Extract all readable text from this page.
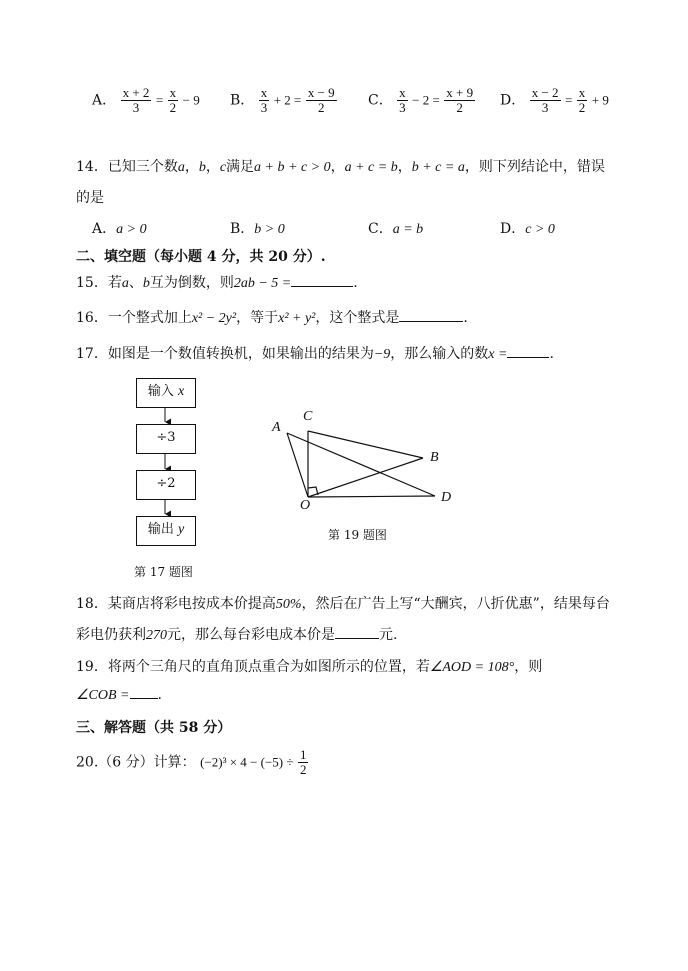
A． $\frac{x + 2}{3} = \frac{x}{2} - 9$ B． $\frac{x}{3} + 2 = \frac{x - 9}{2}$ C． $\frac{x}{3} - 2 = \frac{x + 9}{2}$ D． $\frac{x - 2}{3} = \frac{x}{2} + 9$
14．已知三个数a，b，c满足a + b + c > 0，a + c = b，b + c = a，则下列结论中，错误
的是
A．a > 0	B．b > 0	C．a = b	D．c > 0
二、填空题（每小题 4 分，共 20 分）.
15．若a、b互为倒数，则2ab − 5 =	.
16．一个整式加上x² − 2y²，等于x² + y²，这个整式是	.
17．如图是一个数值转换机，如果输出的结果为−9，那么输入的数x =	.
输入 x
÷3
÷2
输出 y
第 17 题图
A
C
B
D
O
第 19 题图
18．某商店将彩电按成本价提高50%，然后在广告上写“大酬宾，八折优惠”，结果每台
彩电仍获利270元，那么每台彩电成本价是	元.
19．将两个三角尺的直角顶点重合为如图所示的位置，若∠AOD = 108°，则
∠COB = .
三、解答题（共 58 分）
20.（6 分）计算： $(-2)^3 \times 4 - (-5) \div \frac{1}{2}$
